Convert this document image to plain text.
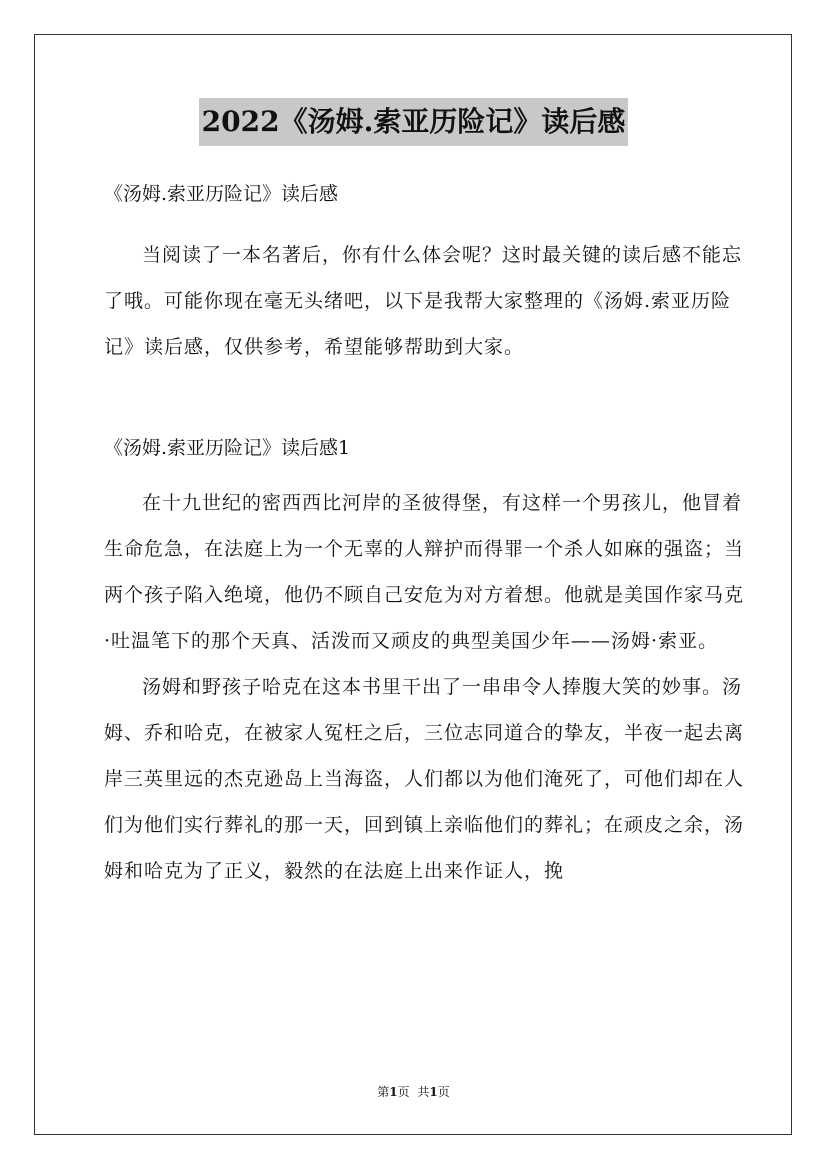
2022《汤姆.索亚历险记》读后感

《汤姆.索亚历险记》读后感

当阅读了一本名著后，你有什么体会呢？这时最关键的读后感不能忘了哦。可能你现在毫无头绪吧，以下是我帮大家整理的《汤姆.索亚历险记》读后感，仅供参考，希望能够帮助到大家。

《汤姆.索亚历险记》读后感1

在十九世纪的密西西比河岸的圣彼得堡，有这样一个男孩儿，他冒着生命危急，在法庭上为一个无辜的人辩护而得罪一个杀人如麻的强盗；当两个孩子陷入绝境，他仍不顾自己安危为对方着想。他就是美国作家马克·吐温笔下的那个天真、活泼而又顽皮的典型美国少年——汤姆·索亚。

汤姆和野孩子哈克在这本书里干出了一串串令人捧腹大笑的妙事。汤姆、乔和哈克，在被家人冤枉之后，三位志同道合的挚友，半夜一起去离岸三英里远的杰克逊岛上当海盗，人们都以为他们淹死了，可他们却在人们为他们实行葬礼的那一天，回到镇上亲临他们的葬礼；在顽皮之余，汤姆和哈克为了正义，毅然的在法庭上出来作证人，挽

第1页 共1页
